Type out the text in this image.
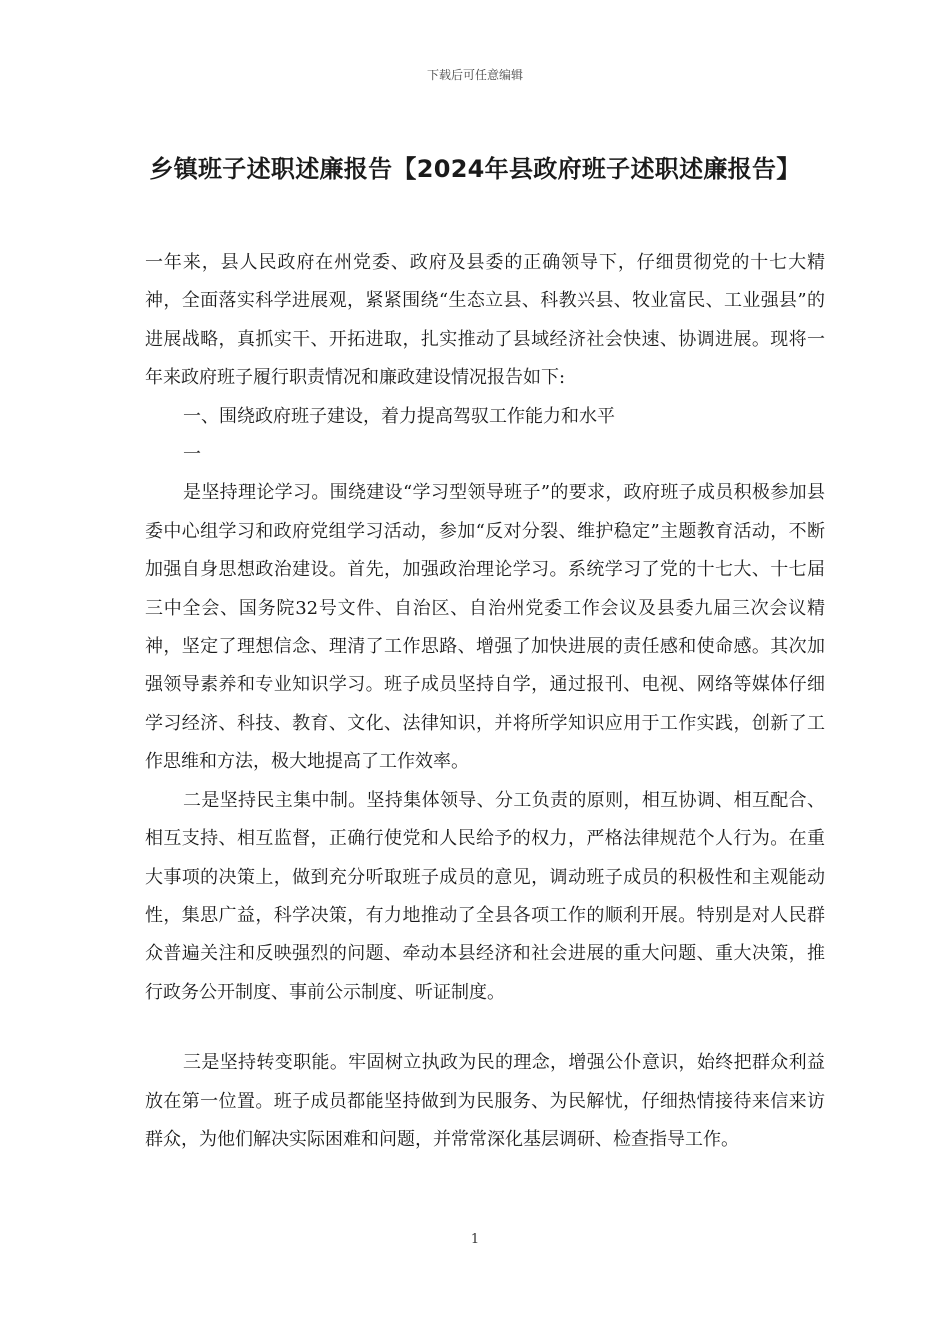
下载后可任意编辑
乡镇班子述职述廉报告【2024年县政府班子述职述廉报告】

一年来，县人民政府在州党委、政府及县委的正确领导下，仔细贯彻党的十七大精神，全面落实科学进展观，紧紧围绕“生态立县、科教兴县、牧业富民、工业强县”的进展战略，真抓实干、开拓进取，扎实推动了县域经济社会快速、协调进展。现将一年来政府班子履行职责情况和廉政建设情况报告如下:

一、围绕政府班子建设，着力提高驾驭工作能力和水平

一

是坚持理论学习。围绕建设“学习型领导班子”的要求，政府班子成员积极参加县委中心组学习和政府党组学习活动，参加“反对分裂、维护稳定”主题教育活动，不断加强自身思想政治建设。首先，加强政治理论学习。系统学习了党的十七大、十七届三中全会、国务院32号文件、自治区、自治州党委工作会议及县委九届三次会议精神，坚定了理想信念、理清了工作思路、增强了加快进展的责任感和使命感。其次加强领导素养和专业知识学习。班子成员坚持自学，通过报刊、电视、网络等媒体仔细学习经济、科技、教育、文化、法律知识，并将所学知识应用于工作实践，创新了工作思维和方法，极大地提高了工作效率。

二是坚持民主集中制。坚持集体领导、分工负责的原则，相互协调、相互配合、相互支持、相互监督，正确行使党和人民给予的权力，严格法律规范个人行为。在重大事项的决策上，做到充分听取班子成员的意见，调动班子成员的积极性和主观能动性，集思广益，科学决策，有力地推动了全县各项工作的顺利开展。特别是对人民群众普遍关注和反映强烈的问题、牵动本县经济和社会进展的重大问题、重大决策，推行政务公开制度、事前公示制度、听证制度。

三是坚持转变职能。牢固树立执政为民的理念，增强公仆意识，始终把群众利益放在第一位置。班子成员都能坚持做到为民服务、为民解忧，仔细热情接待来信来访群众，为他们解决实际困难和问题，并常常深化基层调研、检查指导工作。

1
